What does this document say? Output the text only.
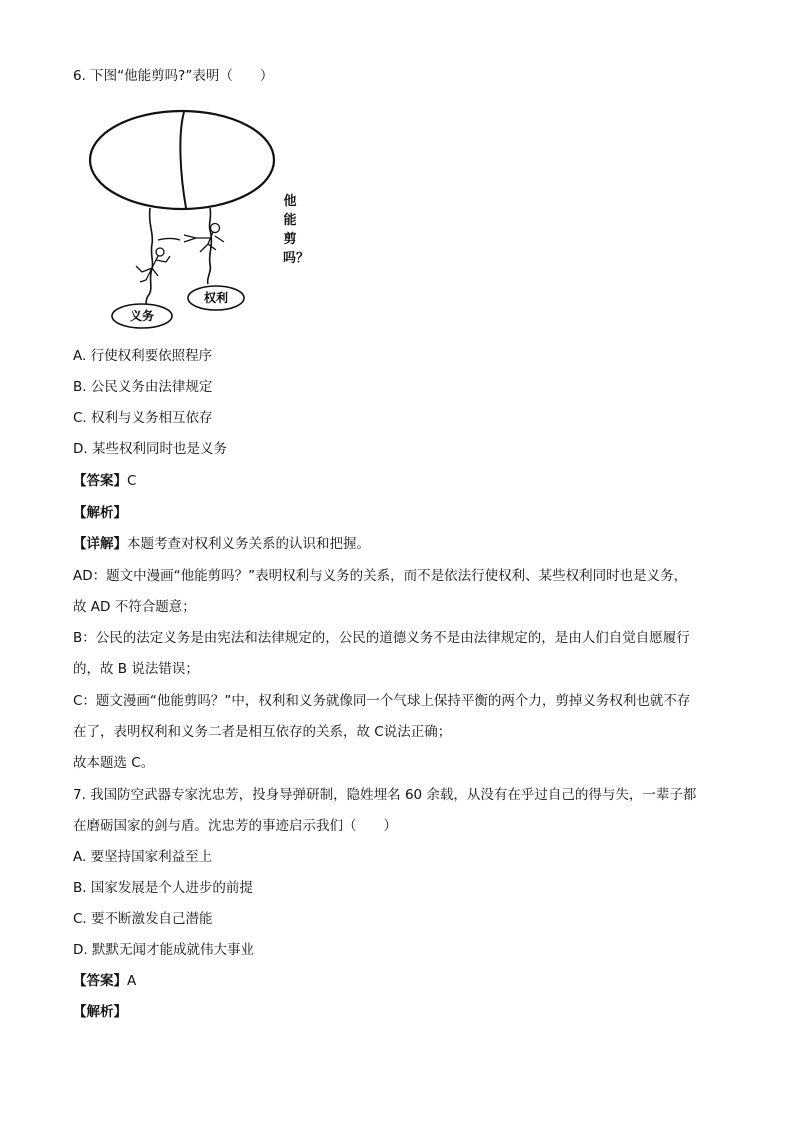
6. 下图“他能剪吗?”表明（　　）
义务
权利
他能剪吗？
A. 行使权利要依照程序
B. 公民义务由法律规定
C. 权利与义务相互依存
D. 某些权利同时也是义务
【答案】C
【解析】
【详解】本题考查对权利义务关系的认识和把握。
AD：题文中漫画“他能剪吗？”表明权利与义务的关系，而不是依法行使权利、某些权利同时也是义务，
故 AD 不符合题意；
B：公民的法定义务是由宪法和法律规定的，公民的道德义务不是由法律规定的，是由人们自觉自愿履行
的，故 B 说法错误；
C：题文漫画“他能剪吗？”中，权利和义务就像同一个气球上保持平衡的两个力，剪掉义务权利也就不存
在了，表明权利和义务二者是相互依存的关系，故 C说法正确；
故本题选 C。
7. 我国防空武器专家沈忠芳，投身导弹研制，隐姓埋名 60 余载，从没有在乎过自己的得与失，一辈子都
在磨砺国家的剑与盾。沈忠芳的事迹启示我们（　　）
A. 要坚持国家利益至上
B. 国家发展是个人进步的前提
C. 要不断激发自己潜能
D. 默默无闻才能成就伟大事业
【答案】A
【解析】
